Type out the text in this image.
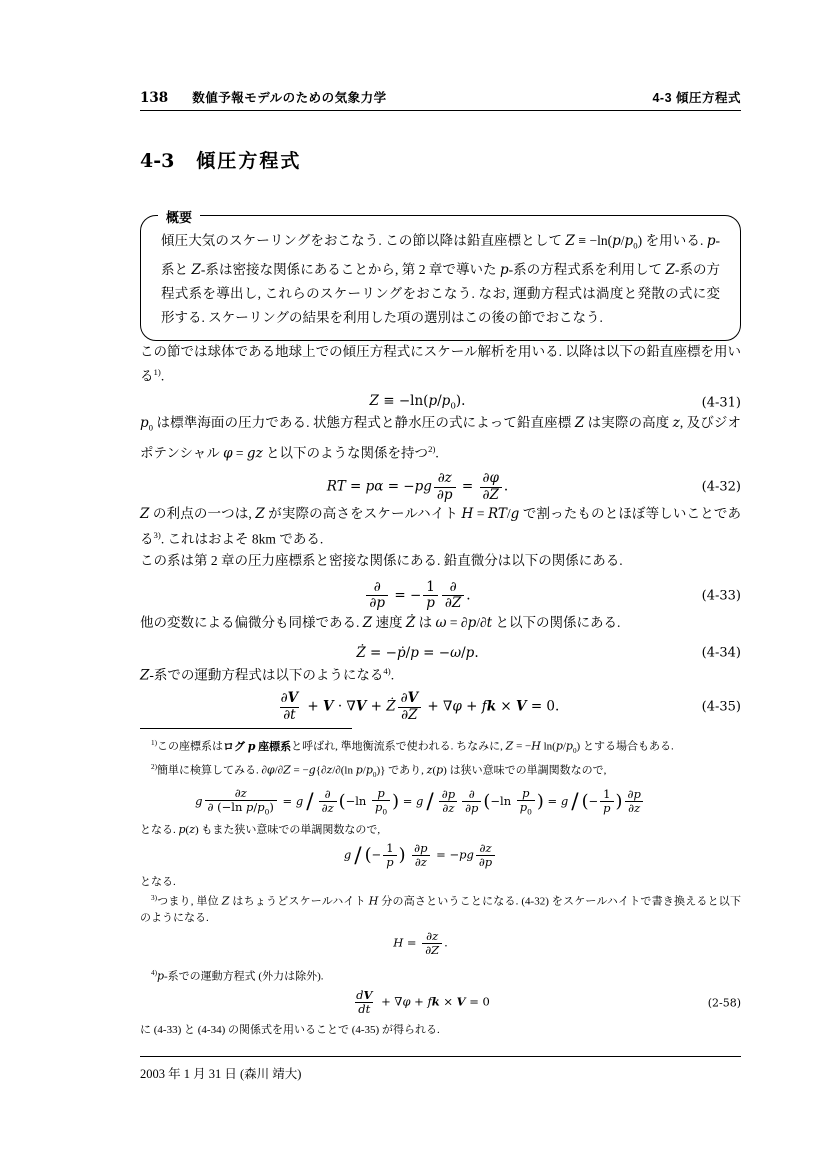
138 数値予報モデルのための気象力学	4-3 傾圧方程式
4-3 傾圧方程式
概要
傾圧大気のスケーリングをおこなう. この節以降は鉛直座標として $Z \equiv -\ln(p/p_0)$ を用いる. p-系と Z-系は密接な関係にあることから, 第 2 章で導いた p-系の方程式系を利用して Z-系の方程式系を導出し, これらのスケーリングをおこなう. なお, 運動方程式は渦度と発散の式に変形する. スケーリングの結果を利用した項の選別はこの後の節でおこなう.

この節では球体である地球上での傾圧方程式にスケール解析を用いる. 以降は以下の鉛直座標を用いる$^{1)}$.

$Z \equiv -\ln(p/p_0)$.	(4-31)

$p_0$ は標準海面の圧力である. 状態方程式と静水圧の式によって鉛直座標 Z は実際の高度 z, 及びジオポテンシャル φ = gz と以下のような関係を持つ$^{2)}$.

RT = $p\alpha = -pg \frac{\partial z}{\partial p} = \frac{\partial\varphi}{\partial Z}$ .	(4-32)

Z の利点の一つは, Z が実際の高さをスケールハイト H = RT/g で割ったものとほぼ等しいことである$^{3)}$. これはおよそ 8km である.

この系は第 2 章の圧力座標系と密接な関係にある. 鉛直微分は以下の関係にある.

∂
∂p = − $\frac{1}{p}$ ∂
∂Z .	(4-33)

他の変数による偏微分も同様である. Z 速度 Ż は ω = ∂p/∂t と以下の関係にある.

Ż = −ṗ/p = −ω/p.	(4-34)

Z-系での運動方程式は以下のようになる$^{4)}$.

$\frac{\partial V}{\partial t} + V \cdot \nabla V$ + Ż $\frac{\partial V}{\partial Z} + \nabla\varphi$ + fk × V = 0.	(4-35)

$^{1)}$この座標系はログ p 座標系と呼ばれ, 準地衡流系で使われる. ちなみに, Z = −H $\ln(p/p_0)$ とする場合もある.

$^{2)}$簡単に検算してみる. ∂φ/∂Z = −g{∂z/∂(ln $p/p_0$)} であり, z(p) は狭い意味での単調関数なので,

g $\frac{\partial z}{\partial (-\ln p/p_0)} = g$ / ∂
∂z ($-\ln \frac{p}{p_0}$ ) = g / $\frac{\partial p}{\partial z}$ ∂
∂p ($-\ln \frac{p}{p_0}$ ) = g / (− $\frac{1}{p}$ ) $\frac{\partial p}{\partial z}$

となる. p(z) もまた狭い意味での単調関数なので,

g / (− $\frac{1}{p}$ ) $\frac{\partial p}{\partial z} = -pg \frac{\partial z}{\partial p}$

となる.

$^{3)}$つまり, 単位 Z はちょうどスケールハイト H 分の高さということになる. (4-32) をスケールハイトで書き換えると以下のようになる.

$H = \frac{\partial z}{\partial Z}$ .

$^{4)}$p-系での運動方程式 (外力は除外).

$\frac{dV}{dt} + \nabla\varphi$ + fk × V = 0	(2-58)

に (4-33) と (4-34) の関係式を用いることで (4-35) が得られる.

2003 年 1 月 31 日 (森川 靖大)
